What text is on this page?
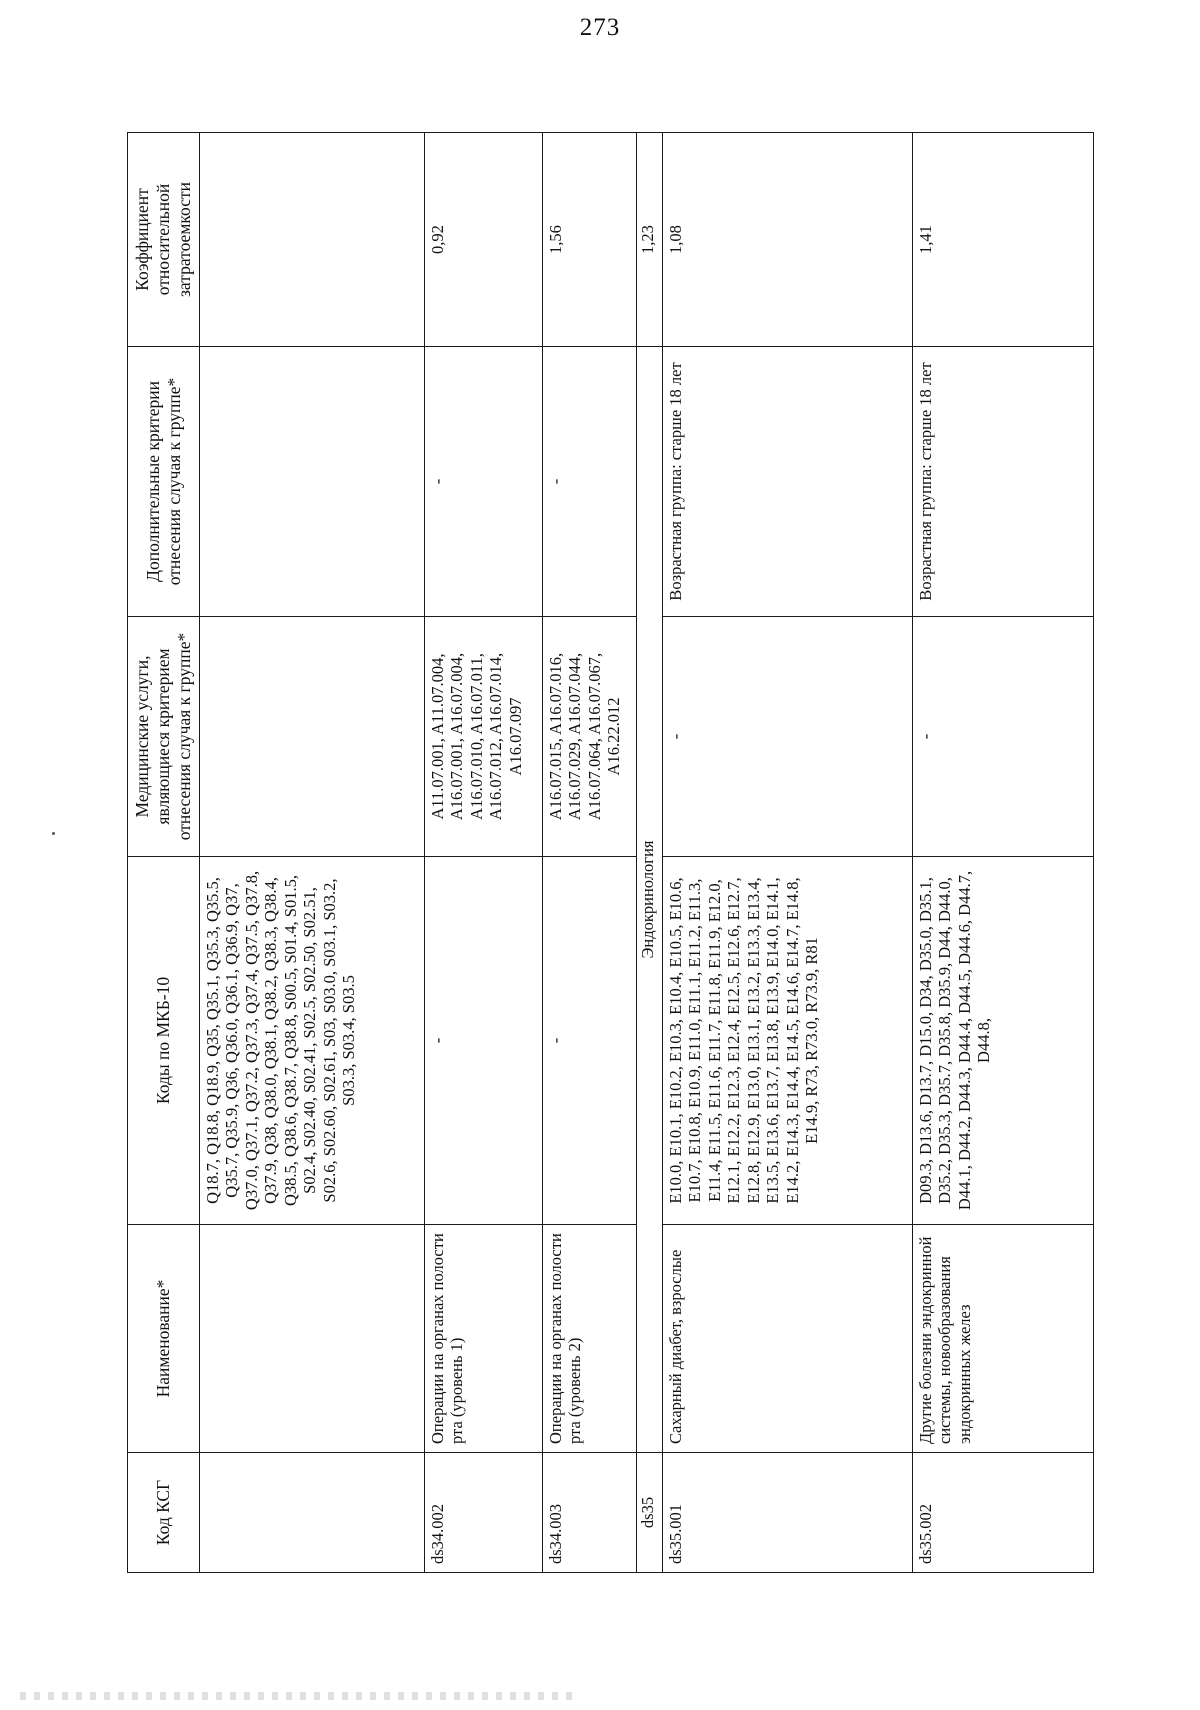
273
Код КСГ	Наименование*	Коды по МКБ-10	Медицинские услуги, являющиеся критерием отнесения случая к группе*	Дополнительные критерии отнесения случая к группе*	Коэффициент относительной затратоемкости
		Q18.7, Q18.8, Q18.9, Q35, Q35.1, Q35.3, Q35.5, Q35.7, Q35.9, Q36, Q36.0, Q36.1, Q36.9, Q37, Q37.0, Q37.1, Q37.2, Q37.3, Q37.4, Q37.5, Q37.8, Q37.9, Q38, Q38.0, Q38.1, Q38.2, Q38.3, Q38.4, Q38.5, Q38.6, Q38.7, Q38.8, S00.5, S01.4, S01.5, S02.4, S02.40, S02.41, S02.5, S02.50, S02.51, S02.6, S02.60, S02.61, S03, S03.0, S03.1, S03.2, S03.3, S03.4, S03.5			
ds34.002	Операции на органах полости рта (уровень 1)	-	A11.07.001, A11.07.004, A16.07.001, A16.07.004, A16.07.010, A16.07.011, A16.07.012, A16.07.014, A16.07.097	-	0,92
ds34.003	Операции на органах полости рта (уровень 2)	-	A16.07.015, A16.07.016, A16.07.029, A16.07.044, A16.07.064, A16.07.067, A16.22.012	-	1,56
ds35	Эндокринология				1,23
ds35.001	Сахарный диабет, взрослые	E10.0, E10.1, E10.2, E10.3, E10.4, E10.5, E10.6, E10.7, E10.8, E10.9, E11.0, E11.1, E11.2, E11.3, E11.4, E11.5, E11.6, E11.7, E11.8, E11.9, E12.0, E12.1, E12.2, E12.3, E12.4, E12.5, E12.6, E12.7, E12.8, E12.9, E13.0, E13.1, E13.2, E13.3, E13.4, E13.5, E13.6, E13.7, E13.8, E13.9, E14.0, E14.1, E14.2, E14.3, E14.4, E14.5, E14.6, E14.7, E14.8, E14.9, R73, R73.0, R73.9, R81	-	Возрастная группа: старше 18 лет	1,08
ds35.002	Другие болезни эндокринной системы, новообразования эндокринных желез	D09.3, D13.6, D13.7, D15.0, D34, D35.0, D35.1, D35.2, D35.3, D35.7, D35.8, D35.9, D44, D44.0, D44.1, D44.2, D44.3, D44.4, D44.5, D44.6, D44.7, D44.8,	-	Возрастная группа: старше 18 лет	1,41
